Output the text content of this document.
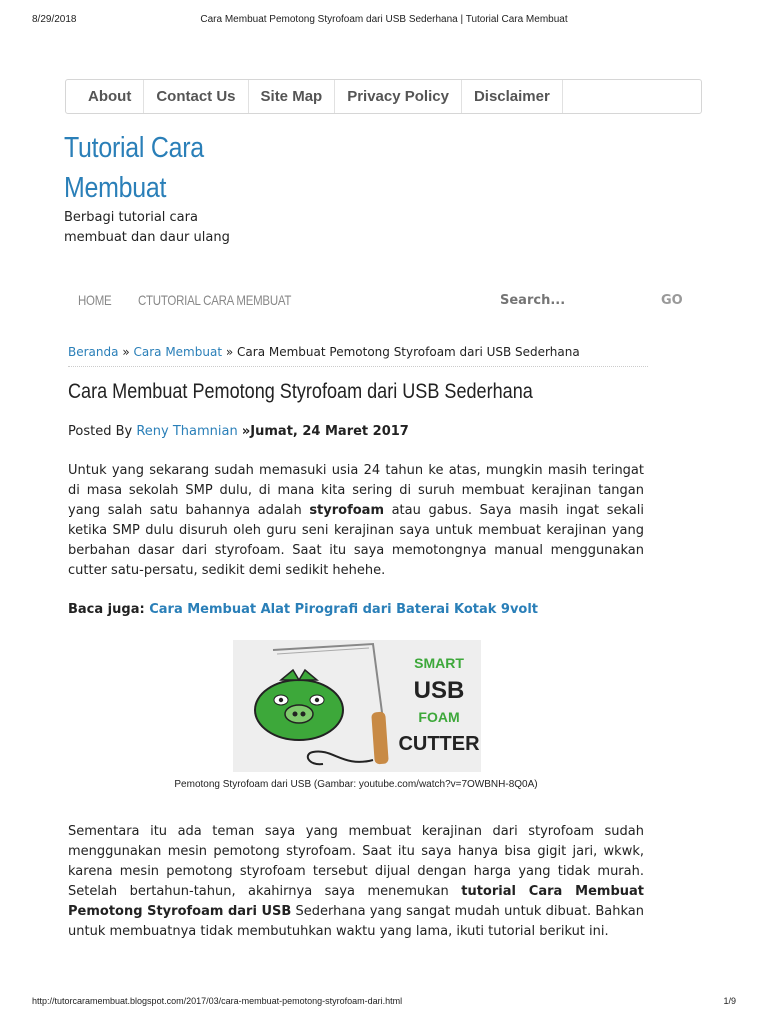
8/29/2018	Cara Membuat Pemotong Styrofoam dari USB Sederhana | Tutorial Cara Membuat
About	Contact Us	Site Map	Privacy Policy	Disclaimer
Tutorial Cara
Membuat
Berbagi tutorial cara
membuat dan daur ulang
HOME CTUTORIAL CARA MEMBUAT
Search...	GO
Beranda » Cara Membuat » Cara Membuat Pemotong Styrofoam dari USB Sederhana
Cara Membuat Pemotong Styrofoam dari USB Sederhana
Posted By Reny Thamnian »Jumat, 24 Maret 2017
Untuk yang sekarang sudah memasuki usia 24 tahun ke atas, mungkin masih teringat di masa sekolah SMP dulu, di mana kita sering di suruh membuat kerajinan tangan yang salah satu bahannya adalah styrofoam atau gabus. Saya masih ingat sekali ketika SMP dulu disuruh oleh guru seni kerajinan saya untuk membuat kerajinan yang berbahan dasar dari styrofoam. Saat itu saya memotongnya manual menggunakan cutter satu-persatu, sedikit demi sedikit hehehe.
Baca juga: Cara Membuat Alat Pirografi dari Baterai Kotak 9volt
SMART
USB
FOAM
CUTTER
Pemotong Styrofoam dari USB (Gambar: youtube.com/watch?v=7OWBNH-8Q0A)
Sementara itu ada teman saya yang membuat kerajinan dari styrofoam sudah menggunakan mesin pemotong styrofoam. Saat itu saya hanya bisa gigit jari, wkwk, karena mesin pemotong styrofoam tersebut dijual dengan harga yang tidak murah. Setelah bertahun-tahun, akahirnya saya menemukan tutorial Cara Membuat Pemotong Styrofoam dari USB Sederhana yang sangat mudah untuk dibuat. Bahkan untuk membuatnya tidak membutuhkan waktu yang lama, ikuti tutorial berikut ini.
http://tutorcaramembuat.blogspot.com/2017/03/cara-membuat-pemotong-styrofoam-dari.html	1/9
